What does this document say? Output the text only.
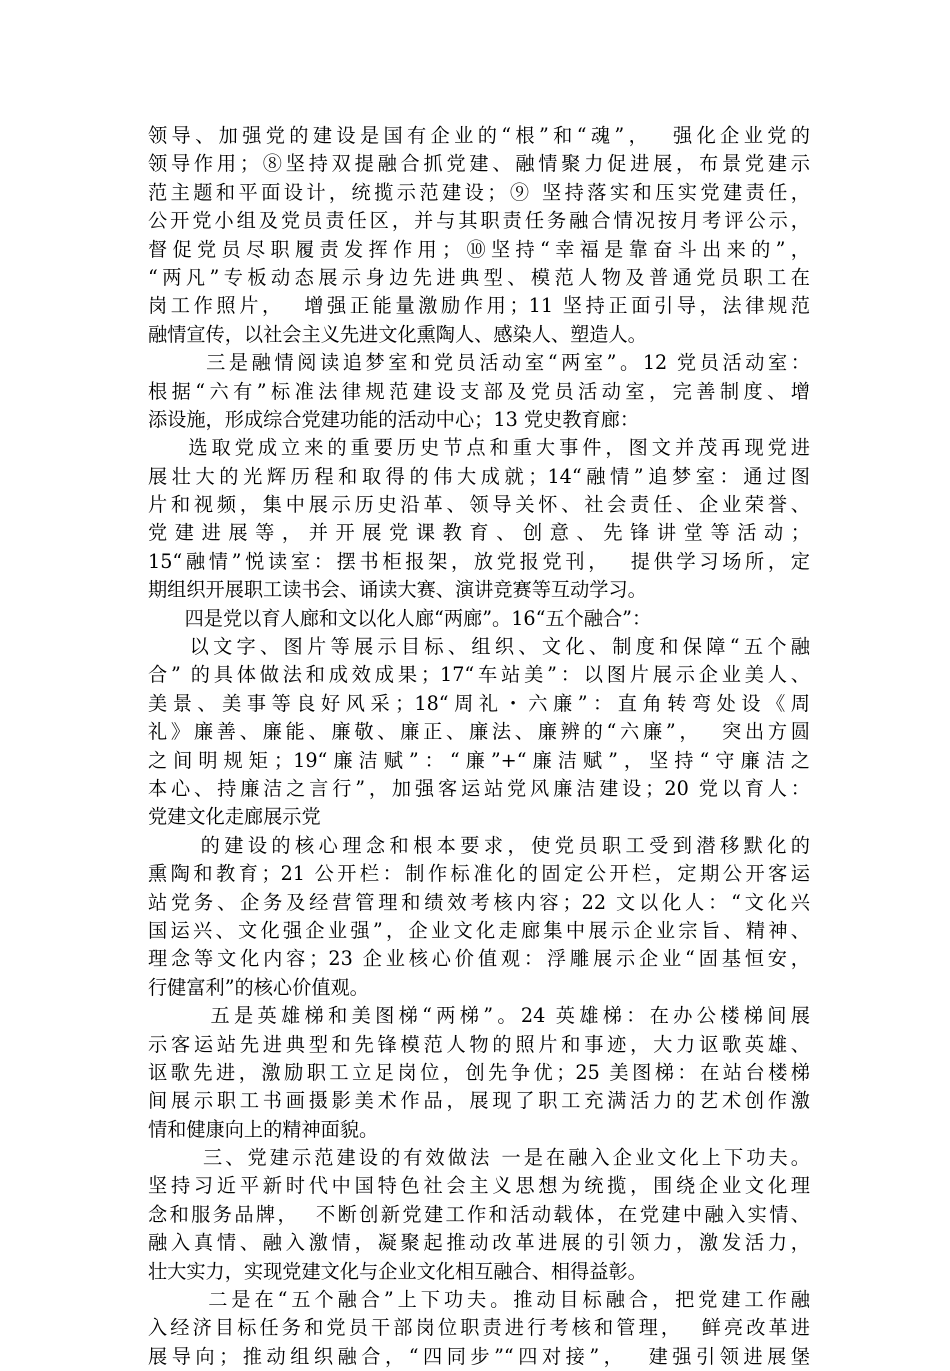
领导、加强党的建设是国有企业的“根”和“魂”，  强化企业党的
领导作用；⑧坚持双提融合抓党建、融情聚力促进展，布景党建示
范主题和平面设计，统揽示范建设；⑨ 坚持落实和压实党建责任，
公开党小组及党员责任区，并与其职责任务融合情况按月考评公示，
督促党员尽职履责发挥作用；⑩坚持“幸福是靠奋斗出来的”，
“两凡”专板动态展示身边先进典型、模范人物及普通党员职工在
岗工作照片，  增强正能量激励作用；11 坚持正面引导，法律规范
融情宣传，以社会主义先进文化熏陶人、感染人、塑造人。
三是融情阅读追梦室和党员活动室“两室”。12 党员活动室：
根据“六有”标准法律规范建设支部及党员活动室，完善制度、增
添设施，形成综合党建功能的活动中心；13 党史教育廊：
选取党成立来的重要历史节点和重大事件，图文并茂再现党进
展壮大的光辉历程和取得的伟大成就；14“融情”追梦室：通过图
片和视频，集中展示历史沿革、领导关怀、社会责任、企业荣誉、
党建进展等，并开展党课教育、创意、先锋讲堂等活动；
15“融情”悦读室：摆书柜报架，放党报党刊，  提供学习场所，定
期组织开展职工读书会、诵读大赛、演讲竞赛等互动学习。
四是党以育人廊和文以化人廊“两廊”。16“五个融合”：
以文字、图片等展示目标、组织、文化、制度和保障“五个融
合” 的具体做法和成效成果；17“车站美”：以图片展示企业美人、
美景、美事等良好风采；18“周礼・六廉”：直角转弯处设《周
礼》廉善、廉能、廉敬、廉正、廉法、廉辨的“六廉”，  突出方圆
之间明规矩；19“廉洁赋”：“廉”+“廉洁赋”，坚持“守廉洁之
本心、持廉洁之言行”，加强客运站党风廉洁建设；20 党以育人：
党建文化走廊展示党
的建设的核心理念和根本要求，使党员职工受到潜移默化的
熏陶和教育；21 公开栏：制作标准化的固定公开栏，定期公开客运
站党务、企务及经营管理和绩效考核内容；22 文以化人：“文化兴
国运兴、文化强企业强”，企业文化走廊集中展示企业宗旨、精神、
理念等文化内容；23 企业核心价值观：浮雕展示企业“固基恒安，
行健富利”的核心价值观。
五是英雄梯和美图梯“两梯”。24 英雄梯：在办公楼梯间展
示客运站先进典型和先锋模范人物的照片和事迹，大力讴歌英雄、
讴歌先进，激励职工立足岗位，创先争优；25 美图梯：在站台楼梯
间展示职工书画摄影美术作品，展现了职工充满活力的艺术创作激
情和健康向上的精神面貌。
三、党建示范建设的有效做法 一是在融入企业文化上下功夫。
坚持习近平新时代中国特色社会主义思想为统揽，围绕企业文化理
念和服务品牌，  不断创新党建工作和活动载体，在党建中融入实情、
融入真情、融入激情，凝聚起推动改革进展的引领力，激发活力，
壮大实力，实现党建文化与企业文化相互融合、相得益彰。
二是在“五个融合”上下功夫。推动目标融合，把党建工作融
入经济目标任务和党员干部岗位职责进行考核和管理，  鲜亮改革进
展导向；推动组织融合，“四同步”“四对接”，  建强引领进展堡
